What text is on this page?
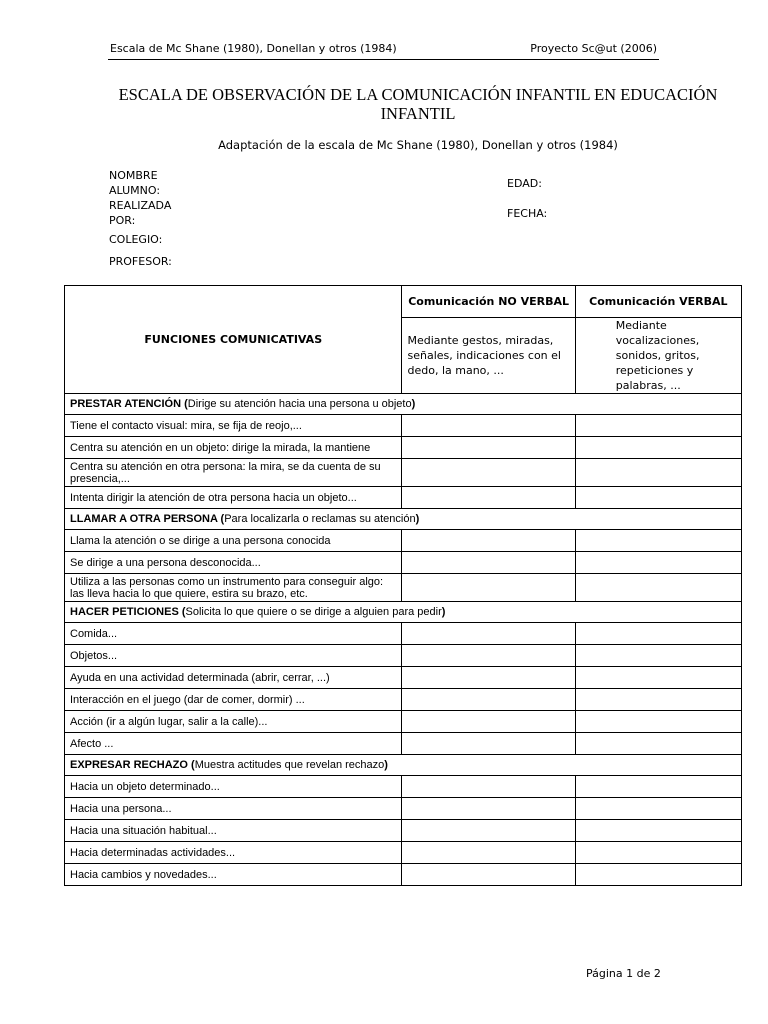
Escala de Mc Shane (1980), Donellan y otros (1984)	Proyecto Sc@ut (2006)
ESCALA DE OBSERVACIÓN DE LA COMUNICACIÓN INFANTIL EN EDUCACIÓN INFANTIL
Adaptación de la escala de Mc Shane (1980), Donellan y otros (1984)
NOMBRE ALUMNO:
REALIZADA POR:
COLEGIO:
PROFESOR:
EDAD:
FECHA:
FUNCIONES COMUNICATIVAS	Comunicación NO VERBAL	Comunicación VERBAL
	Mediante gestos, miradas, señales, indicaciones con el dedo, la mano, ...	Mediante vocalizaciones, sonidos, gritos, repeticiones y palabras, ...
PRESTAR ATENCIÓN (Dirige su atención hacia una persona u objeto)		
Tiene el contacto visual: mira, se fija de reojo,...		
Centra su atención en un objeto: dirige la mirada, la mantiene		
Centra su atención en otra persona: la mira, se da cuenta de su presencia,...		
Intenta dirigir la atención de otra persona hacia un objeto...		
LLAMAR A OTRA PERSONA (Para localizarla o reclamas su atención)		
Llama la atención o se dirige a una persona conocida		
Se dirige a una persona desconocida...		
Utiliza a las personas como un instrumento para conseguir algo: las lleva hacia lo que quiere, estira su brazo, etc.		
HACER PETICIONES (Solicita lo que quiere o se dirige a alguien para pedir)		
Comida...		
Objetos...		
Ayuda en una actividad determinada (abrir, cerrar, ...)		
Interacción en el juego (dar de comer, dormir) ...		
Acción (ir a algún lugar, salir a la calle)...		
Afecto ...		
EXPRESAR RECHAZO (Muestra actitudes que revelan rechazo)		
Hacia un objeto determinado...		
Hacia una persona...		
Hacia una situación habitual...		
Hacia determinadas actividades...		
Hacia cambios y novedades...		
Página 1 de 2
